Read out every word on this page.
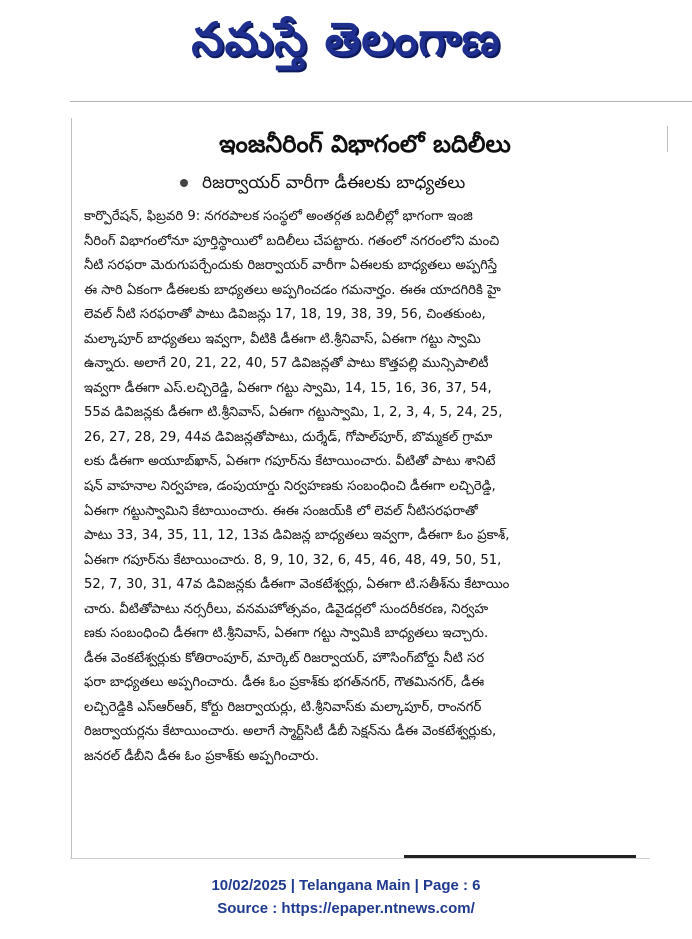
నమస్తే తెలంగాణ
ఇంజనీరింగ్ విభాగంలో బదిలీలు
రిజర్వాయర్ వారీగా డీఈలకు బాధ్యతలు
కార్పొరేషన్, ఫిబ్రవరి 9: నగరపాలక సంస్థలో అంతర్గత బదిలీల్లో భాగంగా ఇంజి
నీరింగ్ విభాగంలోనూ పూర్తిస్థాయిలో బదిలీలు చేపట్టారు. గతంలో నగరంలోని మంచి
నీటి సరఫరా మెరుగుపర్చేందుకు రిజర్వాయర్ వారీగా ఏఈలకు బాధ్యతలు అప్పగిస్తే
ఈ సారి ఏకంగా డీఈలకు బాధ్యతలు అప్పగించడం గమనార్హం. ఈఈ యాదగిరికి హై
లెవల్ నీటి సరఫరాతో పాటు డివిజన్లు 17, 18, 19, 38, 39, 56, చింతకుంట,
మల్కాపూర్ బాధ్యతలు ఇవ్వగా, వీటికి డీఈగా టి.శ్రీనివాస్, ఏఈగా గట్టు స్వామి
ఉన్నారు. అలాగే 20, 21, 22, 40, 57 డివిజన్లతో పాటు కొత్తపల్లి మున్సిపాలిటీ
ఇవ్వగా డీఈగా ఎస్.లచ్చిరెడ్డి, ఏఈగా గట్టు స్వామి, 14, 15, 16, 36, 37, 54,
55వ డివిజన్లకు డీఈగా టి.శ్రీనివాస్, ఏఈగా గట్టుస్వామి, 1, 2, 3, 4, 5, 24, 25,
26, 27, 28, 29, 44వ డివిజన్లతోపాటు, దుర్శేడ్, గోపాల్‌పూర్, బొమ్మకల్ గ్రామా
లకు డీఈగా అయూబ్‌ఖాన్, ఏఈగా గపూర్‌ను కేటాయించారు. వీటితో పాటు శానిటే
షన్ వాహనాల నిర్వహణ, డంపుయార్డు నిర్వహణకు సంబంధించి డీఈగా లచ్చిరెడ్డి,
ఏఈగా గట్టుస్వామిని కేటాయించారు. ఈఈ సంజయ్‌కి లో లెవల్ నీటిసరఫరాతో
పాటు 33, 34, 35, 11, 12, 13వ డివిజన్ల బాధ్యతలు ఇవ్వగా, డీఈగా ఓం ప్రకాశ్,
ఏఈగా గపూర్‌ను కేటాయించారు. 8, 9, 10, 32, 6, 45, 46, 48, 49, 50, 51,
52, 7, 30, 31, 47వ డివిజన్లకు డీఈగా వెంకటేశ్వర్లు, ఏఈగా టి.సతీశ్‌ను కేటాయిం
చారు. వీటితోపాటు నర్సరీలు, వనమహోత్సవం, డివైడర్లలో సుందరీకరణ, నిర్వహ
ణకు సంబంధించి డీఈగా టి.శ్రీనివాస్, ఏఈగా గట్టు స్వామికి బాధ్యతలు ఇచ్చారు.
డీఈ వెంకటేశ్వర్లుకు కోతిరాంపూర్, మార్కెట్ రిజర్వాయర్, హౌసింగ్‌బోర్డు నీటి సర
ఫరా బాధ్యతలు అప్పగించారు. డీఈ ఓం ప్రకాశ్‌కు భగత్‌నగర్, గౌతమినగర్, డీఈ
లచ్చిరెడ్డికి ఎస్‌ఆర్‌ఆర్, కోర్టు రిజర్వాయర్లు, టి.శ్రీనివాస్‌కు మల్కాపూర్, రాంనగర్
రిజర్వాయర్లను కేటాయించారు. అలాగే స్మార్ట్‌సిటీ డీబీ సెక్షన్‌ను డీఈ వెంకటేశ్వర్లుకు,
జనరల్ డీబీని డీఈ ఓం ప్రకాశ్‌కు అప్పగించారు.
10/02/2025 | Telangana Main | Page : 6
Source : https://epaper.ntnews.com/
